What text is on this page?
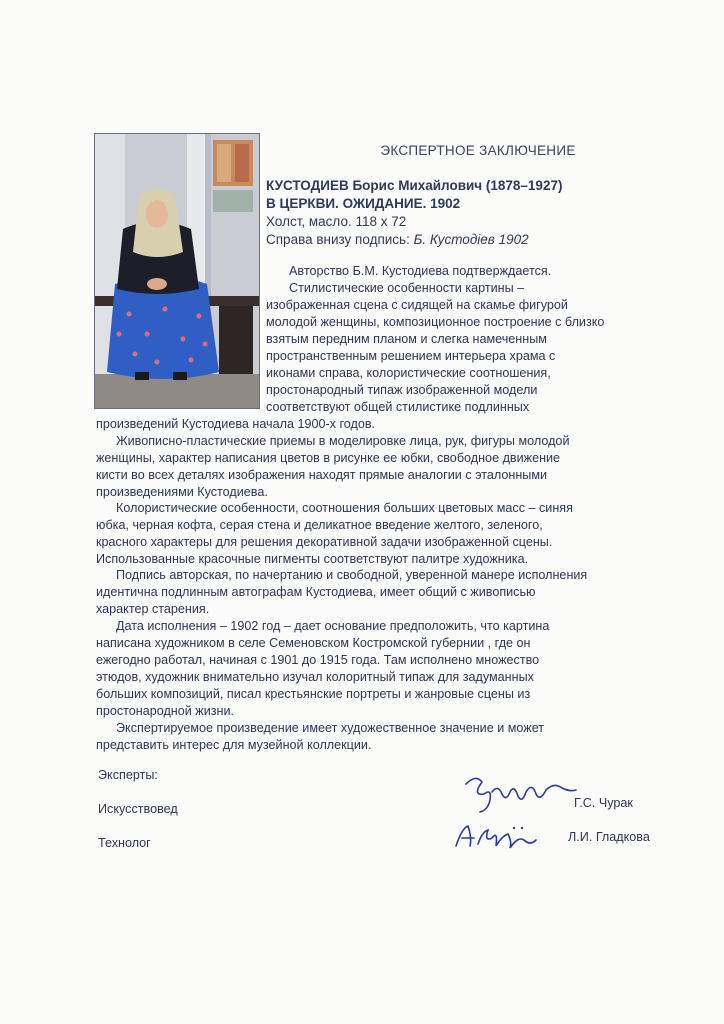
ЭКСПЕРТНОЕ ЗАКЛЮЧЕНИЕ
КУСТОДИЕВ Борис Михайлович (1878–1927)
В ЦЕРКВИ. ОЖИДАНИЕ. 1902
Холст, масло. 118 х 72
Справа внизу подпись: Б. Кустодiев 1902
Авторство Б.М. Кустодиева подтверждается.
Стилистические особенности картины –
изображенная сцена с сидящей на скамье фигурой
молодой женщины, композиционное построение с близко
взятым передним планом и слегка намеченным
пространственным решением интерьера храма с
иконами справа, колористические соотношения,
простонародный типаж изображенной модели
соответствуют общей стилистике подлинных
произведений Кустодиева начала 1900-х годов.
Живописно-пластические приемы в моделировке лица, рук, фигуры молодой
женщины, характер написания цветов в рисунке ее юбки, свободное движение
кисти во всех деталях изображения находят прямые аналогии с эталонными
произведениями Кустодиева.
Колористические особенности, соотношения больших цветовых масс – синяя
юбка, черная кофта, серая стена и деликатное введение желтого, зеленого,
красного характеры для решения декоративной задачи изображенной сцены.
Использованные красочные пигменты соответствуют палитре художника.
Подпись авторская, по начертанию и свободной, уверенной манере исполнения
идентична подлинным автографам Кустодиева, имеет общий с живописью
характер старения.
Дата исполнения – 1902 год – дает основание предположить, что картина
написана художником в селе Семеновском Костромской губернии , где он
ежегодно работал, начиная с 1901 до 1915 года. Там исполнено множество
этюдов, художник внимательно изучал колоритный типаж для задуманных
больших композиций, писал крестьянские портреты и жанровые сцены из
простонародной жизни.
Экспертируемое произведение имеет художественное значение и может
представить интерес для музейной коллекции.
Эксперты:
Искусствовед
Технолог
Г.С. Чурак
Л.И. Гладкова
